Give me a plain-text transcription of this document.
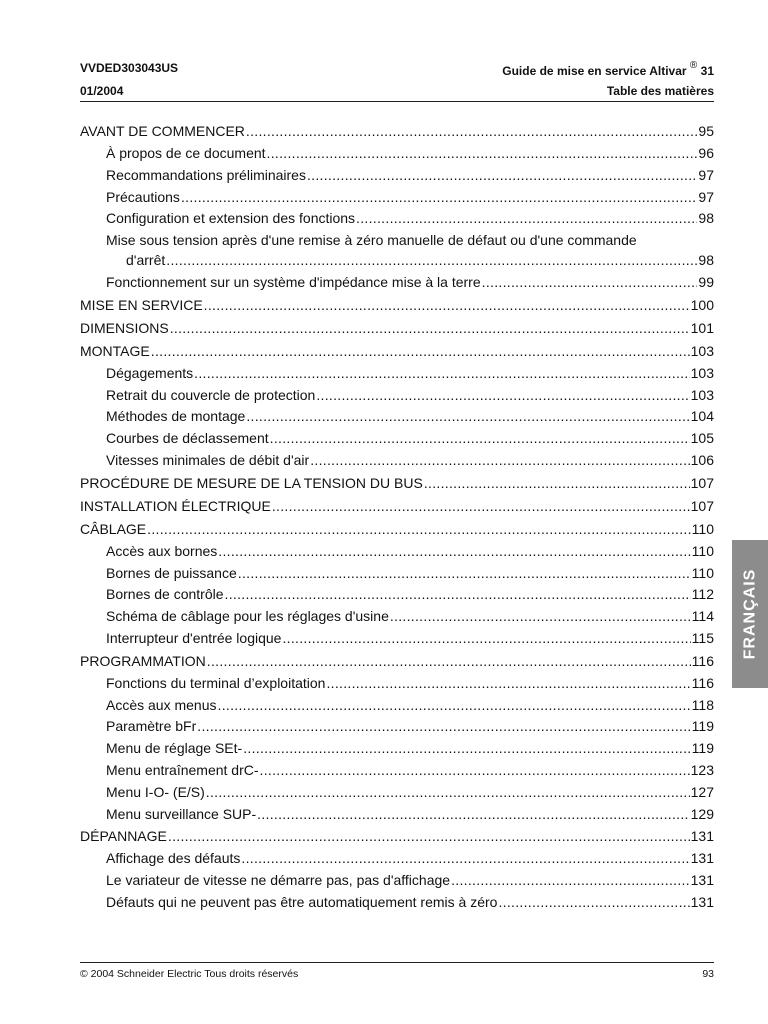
VVDED303043US	Guide de mise en service Altivar ® 31
01/2004	Table des matières
AVANT DE COMMENCER .....	95
À propos de ce document .....	96
Recommandations préliminaires .....	97
Précautions .....	97
Configuration et extension des fonctions .....	98
Mise sous tension après d'une remise à zéro manuelle de défaut ou d'une commande
d'arrêt .....	98
Fonctionnement sur un système d'impédance mise à la terre .....	99
MISE EN SERVICE .....	100
DIMENSIONS .....	101
MONTAGE .....	103
Dégagements .....	103
Retrait du couvercle de protection .....	103
Méthodes de montage .....	104
Courbes de déclassement .....	105
Vitesses minimales de débit d'air .....	106
PROCÉDURE DE MESURE DE LA TENSION DU BUS .....	107
INSTALLATION ÉLECTRIQUE .....	107
CÂBLAGE .....	110
Accès aux bornes .....	110
Bornes de puissance .....	110
Bornes de contrôle .....	112
Schéma de câblage pour les réglages d'usine .....	114
Interrupteur d'entrée logique .....	115
PROGRAMMATION .....	116
Fonctions du terminal d’exploitation .....	116
Accès aux menus .....	118
Paramètre bFr .....	119
Menu de réglage SEt- .....	119
Menu entraînement drC- .....	123
Menu I-O- (E/S) .....	127
Menu surveillance SUP- .....	129
DÉPANNAGE .....	131
Affichage des défauts .....	131
Le variateur de vitesse ne démarre pas, pas d'affichage .....	131
Défauts qui ne peuvent pas être automatiquement remis à zéro .....	131
FRANÇAIS
© 2004 Schneider Electric Tous droits réservés	93
